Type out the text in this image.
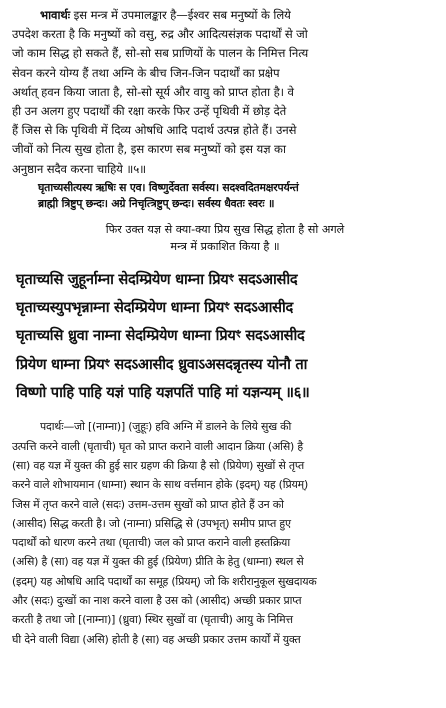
भावार्थः इस मन्त्र में उपमालङ्कार है—ईश्वर सब मनुष्यों के लिये
उपदेश करता है कि मनुष्यों को वसु, रुद्र और आदित्यसंज्ञक पदार्थों से जो
जो काम सिद्ध हो सकते हैं, सो-सो सब प्राणियों के पालन के निमित्त नित्य
सेवन करने योग्य हैं तथा अग्नि के बीच जिन-जिन पदार्थों का प्रक्षेप
अर्थात् हवन किया जाता है, सो-सो सूर्य और वायु को प्राप्त होता है। वे
ही उन अलग हुए पदार्थों की रक्षा करके फिर उन्हें पृथिवी में छोड़ देते
हैं जिस से कि पृथिवी में दिव्य ओषधि आदि पदार्थ उत्पन्न होते हैं। उनसे
जीवों को नित्य सुख होता है, इस कारण सब मनुष्यों को इस यज्ञ का
अनुष्ठान सदैव करना चाहिये ॥५॥
घृताच्यसीत्यस्य ऋषिः स एव। विष्णुर्देवता सर्वस्य। सदश्वदितमक्षरपर्यन्तं
ब्राह्मी त्रिष्टुप् छन्दः। अग्रे निचृत्त्रिष्टुप् छन्दः। सर्वस्य धैवतः स्वरः ॥
फिर उक्त यज्ञ से क्या-क्या प्रिय सुख सिद्ध होता है सो अगले
मन्त्र में प्रकाशित किया है ॥
घृताच्यसि जुहूर्नाम्ना सेदम्प्रियेण धाम्ना प्रियꣳ सदऽआसीद
घृताच्यस्युपभृन्नाम्ना सेदम्प्रियेण धाम्ना प्रियꣳ सदऽआसीद
घृताच्यसि ध्रुवा नाम्ना सेदम्प्रियेण धाम्ना प्रियꣳ सदऽआसीद
प्रियेण धाम्ना प्रियꣳ सदऽआसीद ध्रुवाऽअसदन्नृतस्य योनौ ता
विष्णो पाहि पाहि यज्ञं पाहि यज्ञपतिं पाहि मां यज्ञन्यम् ॥६॥
पदार्थः—जो [(नाम्ना)] (जुहूः) हवि अग्नि में डालने के लिये सुख की
उत्पत्ति करने वाली (घृताची) घृत को प्राप्त कराने वाली आदान क्रिया (असि) है
(सा) वह यज्ञ में युक्त की हुई सार ग्रहण की क्रिया है सो (प्रियेण) सुखों से तृप्त
करने वाले शोभायमान (धाम्ना) स्थान के साथ वर्त्तमान होके (इदम्) यह (प्रियम्)
जिस में तृप्त करने वाले (सदः) उत्तम-उत्तम सुखों को प्राप्त होते हैं उन को
(आसीद) सिद्ध करती है। जो (नाम्ना) प्रसिद्धि से (उपभृत्) समीप प्राप्त हुए
पदार्थों को धारण करने तथा (घृताची) जल को प्राप्त कराने वाली हस्तक्रिया
(असि) है (सा) वह यज्ञ में युक्त की हुई (प्रियेण) प्रीति के हेतु (धाम्ना) स्थल से
(इदम्) यह ओषधि आदि पदार्थों का समूह (प्रियम्) जो कि शरीरानुकूल सुखदायक
और (सदः) दुःखों का नाश करने वाला है उस को (आसीद) अच्छी प्रकार प्राप्त
करती है तथा जो [(नाम्ना)] (ध्रुवा) स्थिर सुखों वा (घृताची) आयु के निमित्त
घी देने वाली विद्या (असि) होती है (सा) वह अच्छी प्रकार उत्तम कार्यों में युक्त
